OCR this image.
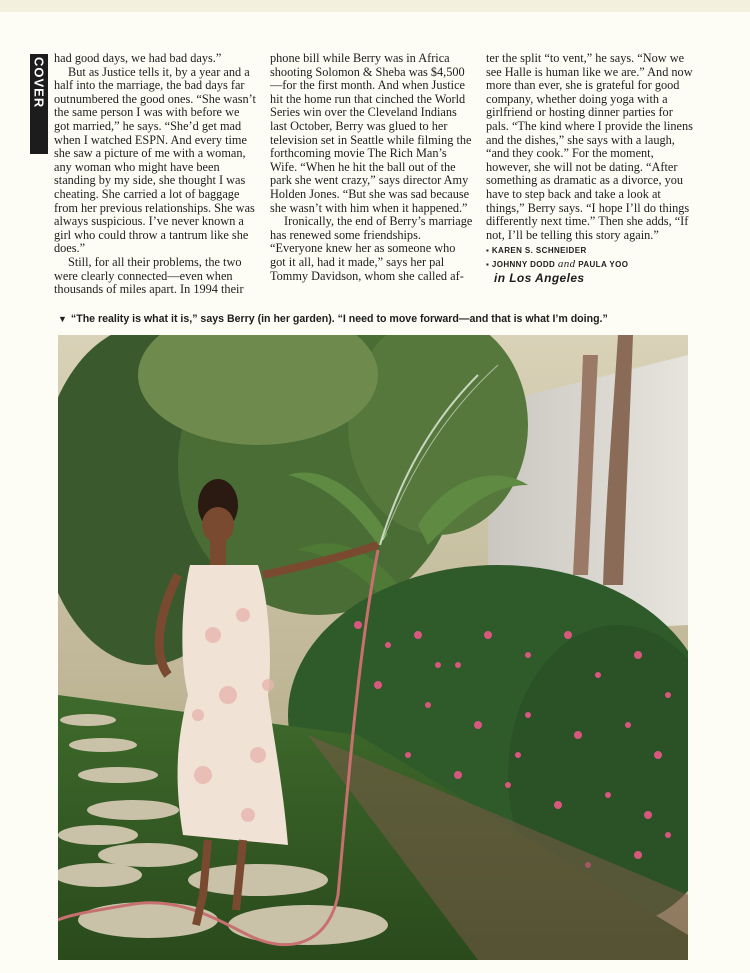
COVER had good days, we had bad days.”

But as Justice tells it, by a year and a half into the marriage, the bad days far outnumbered the good ones. “She wasn’t the same person I was with before we got married,” he says. “She’d get mad when I watched ESPN. And every time she saw a picture of me with a woman, any woman who might have been standing by my side, she thought I was cheating. She carried a lot of baggage from her previous relationships. She was always suspicious. I’ve never known a girl who could throw a tantrum like she does.”

Still, for all their problems, the two were clearly connected—even when thousands of miles apart. In 1994 their

phone bill while Berry was in Africa shooting Solomon & Sheba was $4,500—for the first month. And when Justice hit the home run that cinched the World Series win over the Cleveland Indians last October, Berry was glued to her television set in Seattle while filming the forthcoming movie The Rich Man’s Wife. “When he hit the ball out of the park she went crazy,” says director Amy Holden Jones. “But she was sad because she wasn’t with him when it happened.”

Ironically, the end of Berry’s marriage has renewed some friendships. “Everyone knew her as someone who got it all, had it made,” says her pal Tommy Davidson, whom she called af-

ter the split “to vent,” he says. “Now we see Halle is human like we are.” And now more than ever, she is grateful for good company, whether doing yoga with a girlfriend or hosting dinner parties for pals. “The kind where I provide the linens and the dishes,” she says with a laugh, “and they cook.” For the moment, however, she will not be dating. “After something as dramatic as a divorce, you have to step back and take a look at things,” Berry says. “I hope I’ll do things differently next time.” Then she adds, “If not, I’ll be telling this story again.”

▪ KAREN S. SCHNEIDER
▪ JOHNNY DODD and PAULA YOO
in Los Angeles
▼ “The reality is what it is,” says Berry (in her garden). “I need to move forward—and that is what I’m doing.”
